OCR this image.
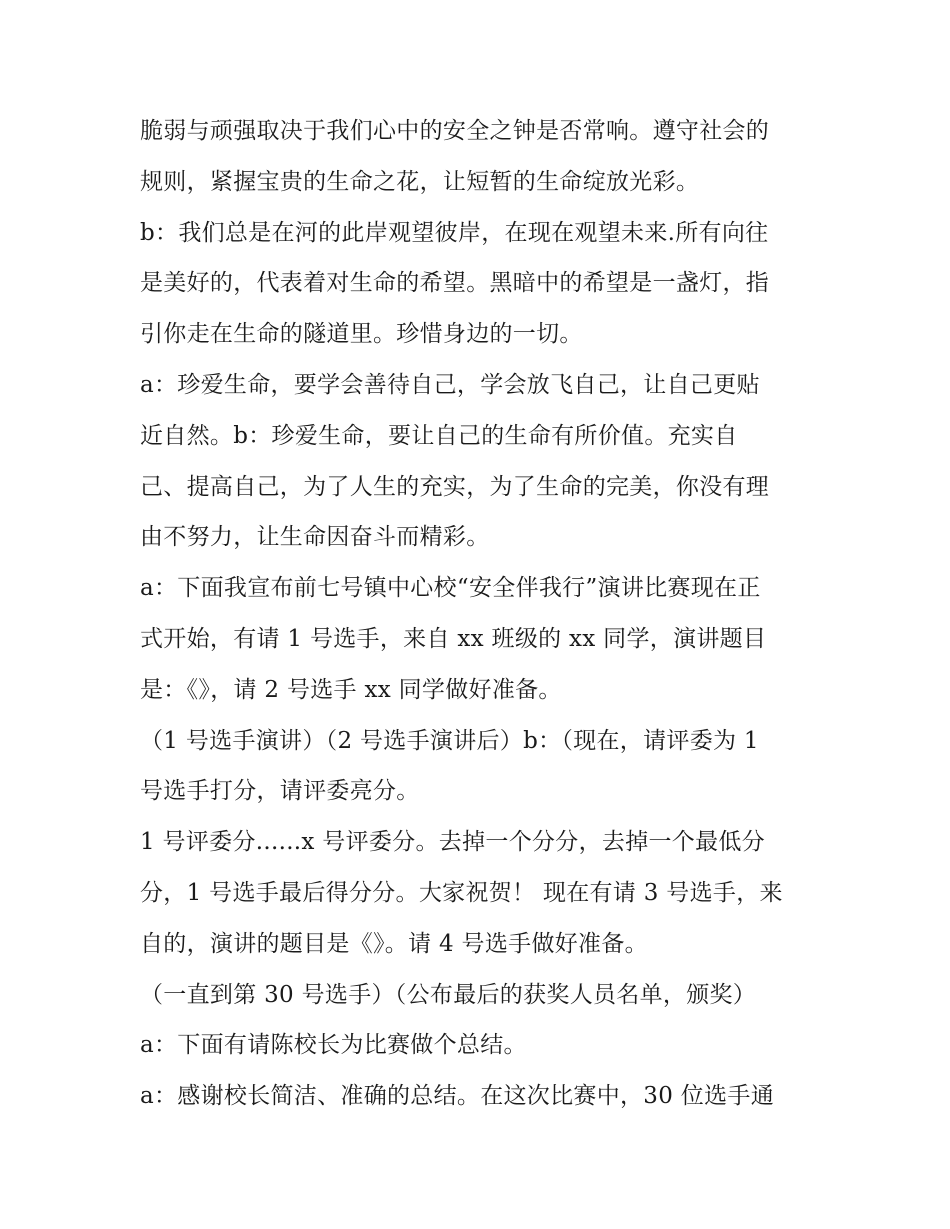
脆弱与顽强取决于我们心中的安全之钟是否常响。遵守社会的
规则，紧握宝贵的生命之花，让短暂的生命绽放光彩。
b：我们总是在河的此岸观望彼岸，在现在观望未来.所有向往
是美好的，代表着对生命的希望。黑暗中的希望是一盏灯，指
引你走在生命的隧道里。珍惜身边的一切。
a：珍爱生命，要学会善待自己，学会放飞自己，让自己更贴
近自然。b：珍爱生命，要让自己的生命有所价值。充实自
己、提高自己，为了人生的充实，为了生命的完美，你没有理
由不努力，让生命因奋斗而精彩。
a：下面我宣布前七号镇中心校“安全伴我行”演讲比赛现在正
式开始，有请 1 号选手，来自 xx 班级的 xx 同学，演讲题目
是：《》，请 2 号选手 xx 同学做好准备。
（1 号选手演讲）（2 号选手演讲后）b：（现在，请评委为 1
号选手打分，请评委亮分。
1 号评委分......x 号评委分。去掉一个分分，去掉一个最低分
分，1 号选手最后得分分。大家祝贺！ 现在有请 3 号选手，来
自的，演讲的题目是《》。请 4 号选手做好准备。
（一直到第 30 号选手）（公布最后的获奖人员名单，颁奖）
a：下面有请陈校长为比赛做个总结。
a：感谢校长简洁、准确的总结。在这次比赛中，30 位选手通
